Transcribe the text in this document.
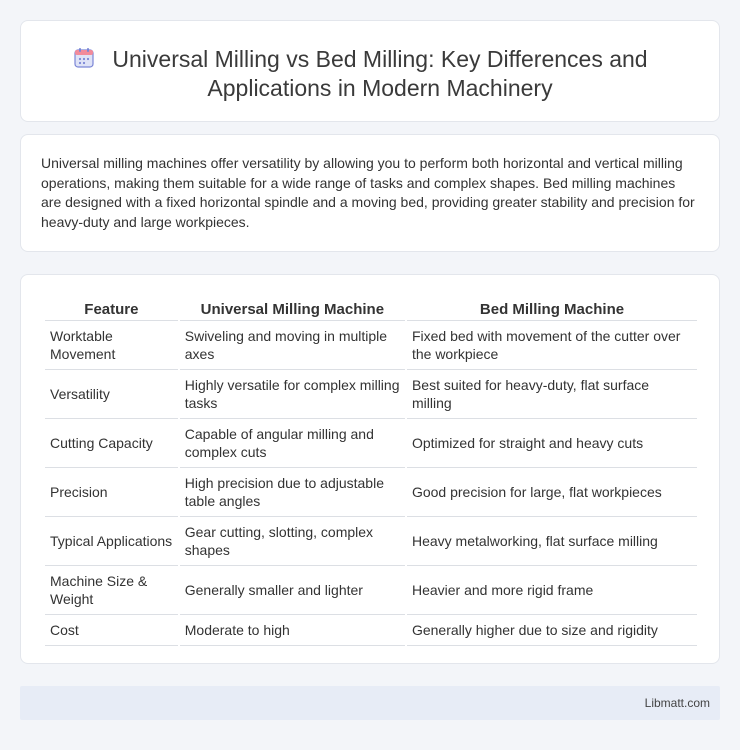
Universal Milling vs Bed Milling: Key Differences and Applications in Modern Machinery

Universal milling machines offer versatility by allowing you to perform both horizontal and vertical milling operations, making them suitable for a wide range of tasks and complex shapes. Bed milling machines are designed with a fixed horizontal spindle and a moving bed, providing greater stability and precision for heavy-duty and large workpieces.

Feature	Universal Milling Machine	Bed Milling Machine
Worktable Movement	Swiveling and moving in multiple axes	Fixed bed with movement of the cutter over the workpiece
Versatility	Highly versatile for complex milling tasks	Best suited for heavy-duty, flat surface milling
Cutting Capacity	Capable of angular milling and complex cuts	Optimized for straight and heavy cuts
Precision	High precision due to adjustable table angles	Good precision for large, flat workpieces
Typical Applications	Gear cutting, slotting, complex shapes	Heavy metalworking, flat surface milling
Machine Size & Weight	Generally smaller and lighter	Heavier and more rigid frame
Cost	Moderate to high	Generally higher due to size and rigidity
Libmatt.com
